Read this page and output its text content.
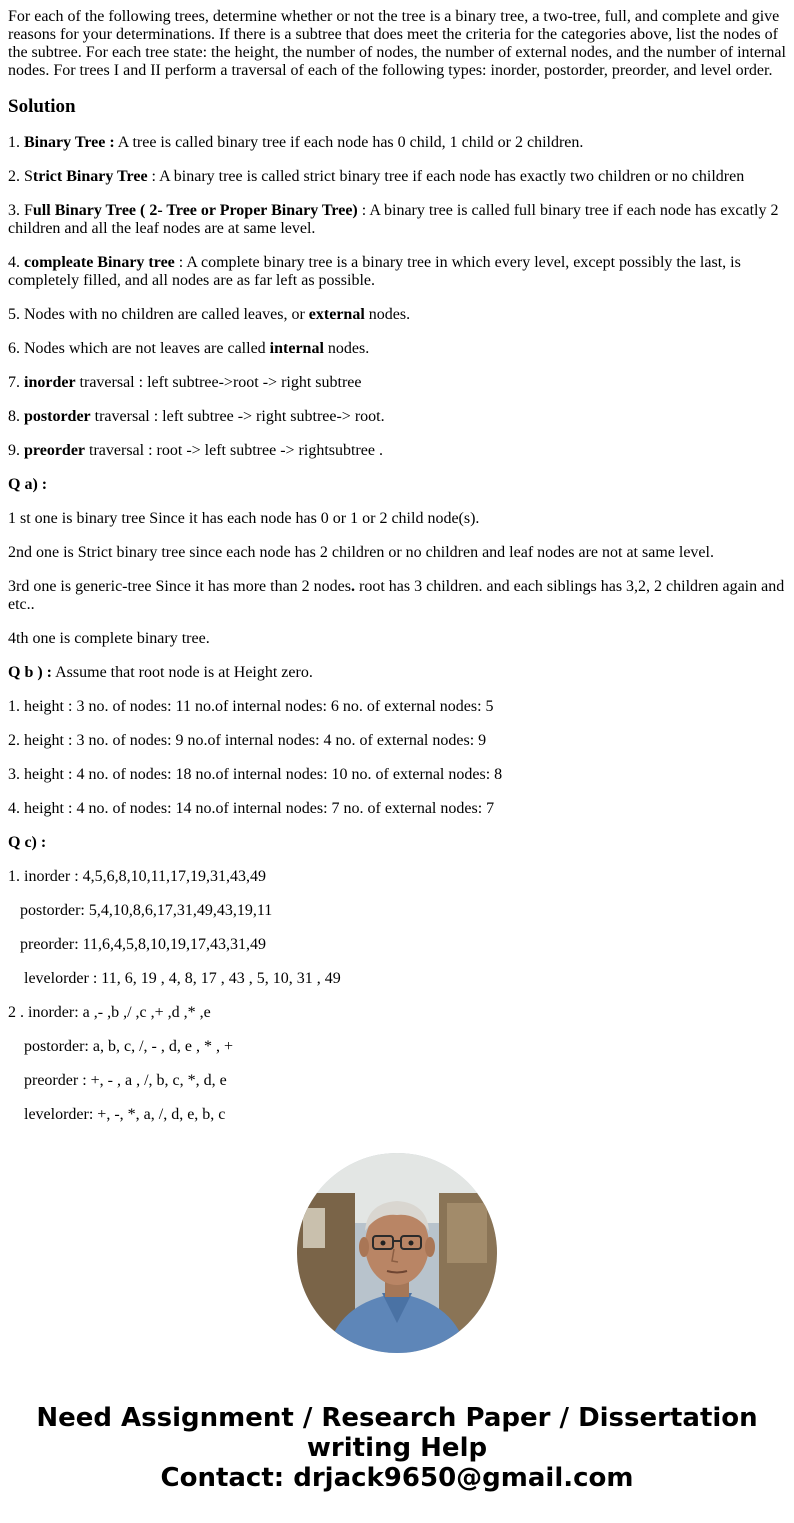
For each of the following trees, determine whether or not the tree is a binary tree, a two-tree, full, and complete and give reasons for your determinations. If there is a subtree that does meet the criteria for the categories above, list the nodes of the subtree. For each tree state: the height, the number of nodes, the number of external nodes, and the number of internal nodes. For trees I and II perform a traversal of each of the following types: inorder, postorder, preorder, and level order.

Solution

1. Binary Tree : A tree is called binary tree if each node has 0 child, 1 child or 2 children.

2. Strict Binary Tree : A binary tree is called strict binary tree if each node has exactly two children or no children

3. Full Binary Tree ( 2- Tree or Proper Binary Tree) : A binary tree is called full binary tree if each node has excatly 2 children and all the leaf nodes are at same level.

4. compleate Binary tree : A complete binary tree is a binary tree in which every level, except possibly the last, is completely filled, and all nodes are as far left as possible.

5. Nodes with no children are called leaves, or external nodes.

6. Nodes which are not leaves are called internal nodes.

7. inorder traversal : left subtree->root -> right subtree

8. postorder traversal : left subtree -> right subtree-> root.

9. preorder traversal : root -> left subtree -> rightsubtree .

Q a) :

1 st one is binary tree Since it has each node has 0 or 1 or 2 child node(s).

2nd one is Strict binary tree since each node has 2 children or no children and leaf nodes are not at same level.

3rd one is generic-tree Since it has more than 2 nodes. root has 3 children. and each siblings has 3,2, 2 children again and etc..

4th one is complete binary tree.

Q b ) : Assume that root node is at Height zero.

1. height : 3 no. of nodes: 11 no.of internal nodes: 6 no. of external nodes: 5

2. height : 3 no. of nodes: 9 no.of internal nodes: 4 no. of external nodes: 9

3. height : 4 no. of nodes: 18 no.of internal nodes: 10 no. of external nodes: 8

4. height : 4 no. of nodes: 14 no.of internal nodes: 7 no. of external nodes: 7

Q c) :

1. inorder : 4,5,6,8,10,11,17,19,31,43,49

postorder: 5,4,10,8,6,17,31,49,43,19,11

preorder: 11,6,4,5,8,10,19,17,43,31,49

levelorder : 11, 6, 19 , 4, 8, 17 , 43 , 5, 10, 31 , 49

2 . inorder: a ,- ,b ,/ ,c ,+ ,d ,* ,e

postorder: a, b, c, /, - , d, e , * , +

preorder : +, - , a , /, b, c, *, d, e

levelorder: +, -, *, a, /, d, e, b, c

Need Assignment / Research Paper / Dissertation
writing Help
Contact: drjack9650@gmail.com
